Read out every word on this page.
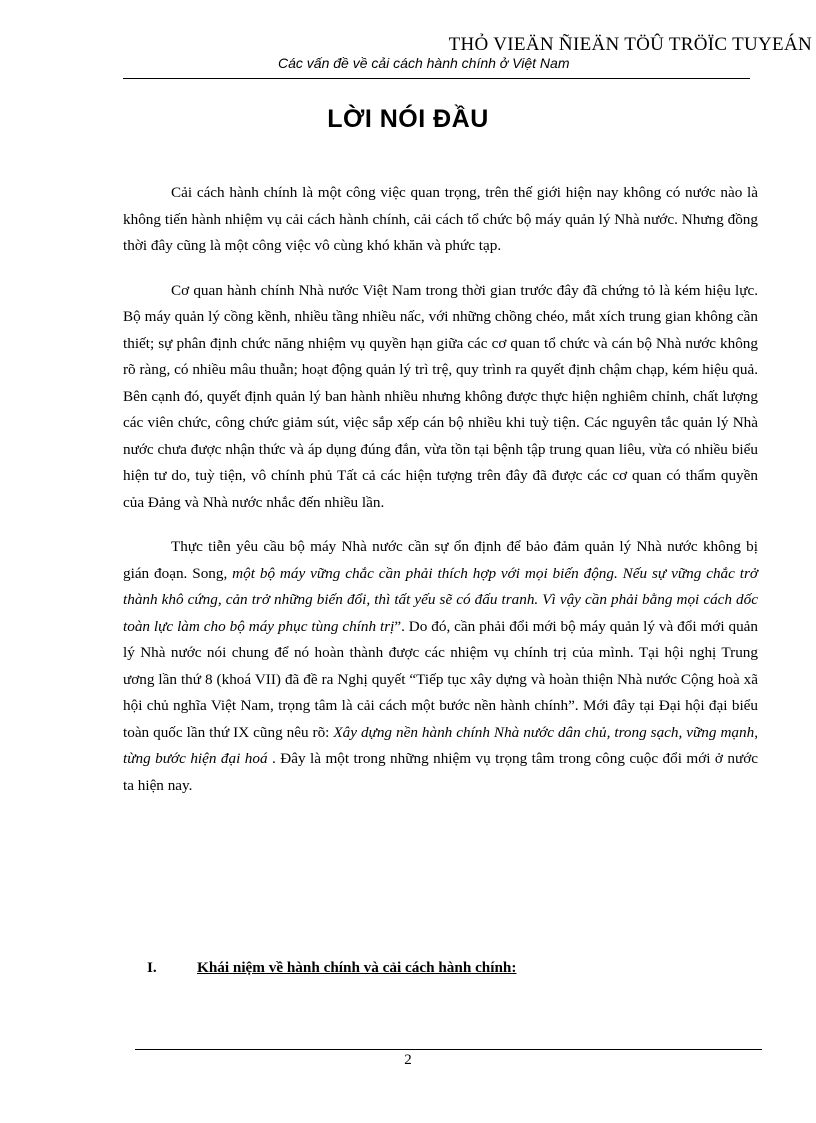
THỎ VIEÄN ÑIEÄN TÖÛ TRÖÏC TUYEÁN
Các vấn đề về cải cách hành chính ở Việt Nam
LỜI NÓI ĐẦU

Cải cách hành chính là một công việc quan trọng, trên thế giới hiện nay không có nước nào là không tiến hành nhiệm vụ cải cách hành chính, cải cách tổ chức bộ máy quản lý Nhà nước. Nhưng đồng thời đây cũng là một công việc vô cùng khó khăn và phức tạp.

Cơ quan hành chính Nhà nước Việt Nam trong thời gian trước đây đã chứng tỏ là kém hiệu lực. Bộ máy quản lý cồng kềnh, nhiều tầng nhiều nấc, với những chồng chéo, mắt xích trung gian không cần thiết; sự phân định chức năng nhiệm vụ quyền hạn giữa các cơ quan tổ chức và cán bộ Nhà nước không rõ ràng, có nhiều mâu thuẫn; hoạt động quản lý trì trệ, quy trình ra quyết định chậm chạp, kém hiệu quả. Bên cạnh đó, quyết định quản lý ban hành nhiều nhưng không được thực hiện nghiêm chỉnh, chất lượng các viên chức, công chức giảm sút, việc sắp xếp cán bộ nhiều khi tuỳ tiện. Các nguyên tắc quản lý Nhà nước chưa được nhận thức và áp dụng đúng đắn, vừa tồn tại bệnh tập trung quan liêu, vừa có nhiều biểu hiện tư do, tuỳ tiện, vô chính phủ Tất cả các hiện tượng trên đây đã được các cơ quan có thẩm quyền của Đảng và Nhà nước nhắc đến nhiều lần.

Thực tiễn yêu cầu bộ máy Nhà nước cần sự ổn định để bảo đảm quản lý Nhà nước không bị gián đoạn. Song, một bộ máy vững chắc cần phải thích hợp với mọi biến động. Nếu sự vững chắc trở thành khô cứng, cản trở những biến đổi, thì tất yếu sẽ có đấu tranh. Vì vậy cần phải bằng mọi cách dốc toàn lực làm cho bộ máy phục tùng chính trị”. Do đó, cần phải đổi mới bộ máy quản lý và đổi mới quản lý Nhà nước nói chung để nó hoàn thành được các nhiệm vụ chính trị của mình. Tại hội nghị Trung ương lần thứ 8 (khoá VII) đã đề ra Nghị quyết “Tiếp tục xây dựng và hoàn thiện Nhà nước Cộng hoà xã hội chủ nghĩa Việt Nam, trọng tâm là cải cách một bước nền hành chính”. Mới đây tại Đại hội đại biểu toàn quốc lần thứ IX cũng nêu rõ: Xây dựng nền hành chính Nhà nước dân chủ, trong sạch, vững mạnh, từng bước hiện đại hoá . Đây là một trong những nhiệm vụ trọng tâm trong công cuộc đổi mới ở nước ta hiện nay.

I.	Khái niệm về hành chính và cải cách hành chính:
2
